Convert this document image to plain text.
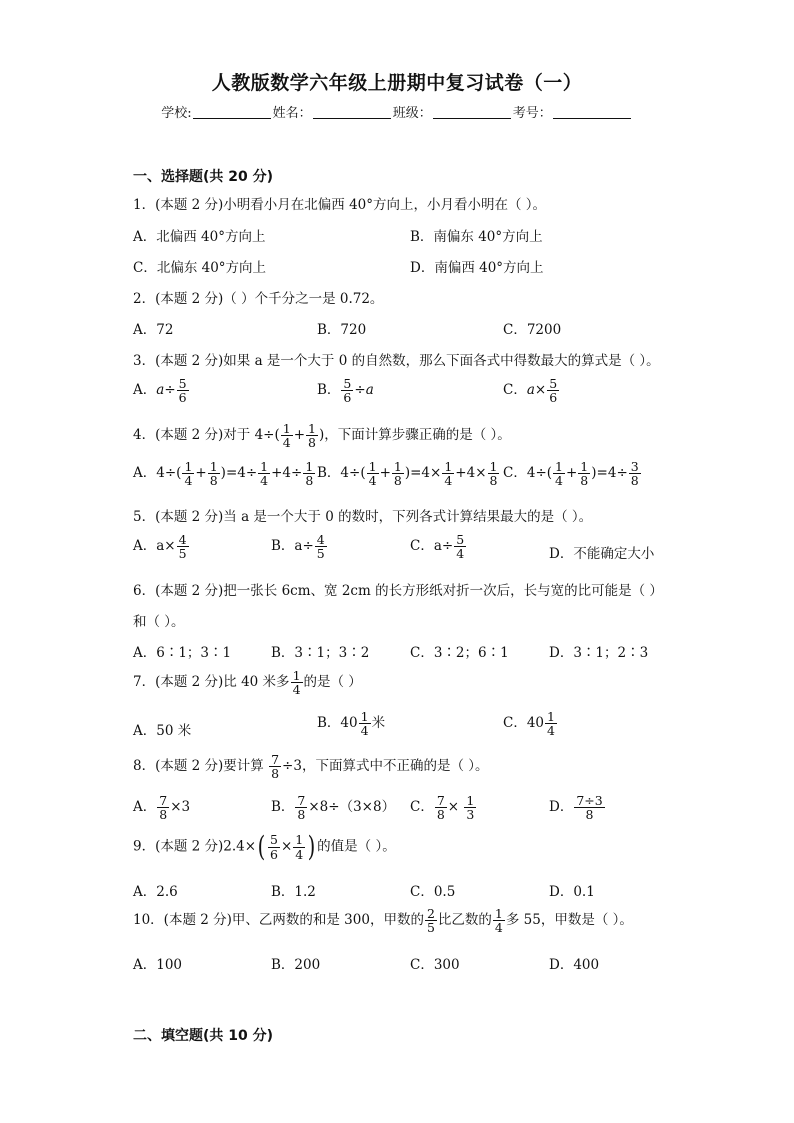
人教版数学六年级上册期中复习试卷（一）
学校:	姓名：	班级：	考号：
一、选择题(共 20 分)
1．(本题 2 分)小明看小月在北偏西 40°方向上，小月看小明在（ ）。
A．北偏西 40°方向上	B．南偏东 40°方向上
C．北偏东 40°方向上	D．南偏西 40°方向上
2．(本题 2 分)（ ）个千分之一是 0.72。
A．72	B．720	C．7200
3．(本题 2 分)如果 a 是一个大于 0 的自然数，那么下面各式中得数最大的算式是（ ）。
A．$a\div \frac{5}{6}$	B． $\frac{5}{6} \div a$	C．$a\times \frac{5}{6}$
4．(本题 2 分)对于 $4\div( \frac{1}{4} + \frac{1}{8}$ )，下面计算步骤正确的是（ ）。
A．$4\div( \frac{1}{4} + \frac{1}{8} )=4\div \frac{1}{4} +4\div \frac{1}{8}$ B．$4\div( \frac{1}{4} + \frac{1}{8} )=4\times \frac{1}{4} +4\times \frac{1}{8}$ C．$4\div( \frac{1}{4} + \frac{1}{8} )=4\div \frac{3}{8}$
5．(本题 2 分)当 a 是一个大于 0 的数时，下列各式计算结果最大的是（ ）。
A．$a\times \frac{4}{5}$	B．$a\div \frac{4}{5}$	C．$a\div \frac{5}{4}$	D．不能确定大小
6．(本题 2 分)把一张长 6cm、宽 2cm 的长方形纸对折一次后，长与宽的比可能是（ ）
和（ ）。
A．6∶1；3∶1	B．3∶1；3∶2	C．3∶2；6∶1	D．3∶1；2∶3
7．(本题 2 分)比 40 米多 $\frac{1}{4}$ 的是（ ）
A．50 米	B．$40 \frac{1}{4}$ 米	C．$40 \frac{1}{4}$
8．(本题 2 分)要计算 $\frac{7}{8} \div 3$，下面算式中不正确的是（ ）。
A． $\frac{7}{8} \times 3$	B． $\frac{7}{8} \times 8\div(3\times 8)$ C． $\frac{7}{8} \times \frac{1}{3}$	D． $\frac{7\div 3}{8}$
9．(本题 2 分)$2.4\times( \frac{5}{6} \times \frac{1}{4}$ ) 的值是（ ）。
A．2.6	B．1.2	C．0.5	D．0.1
10．(本题 2 分)甲、乙两数的和是 300，甲数的 $\frac{2}{5}$ 比乙数的 $\frac{1}{4}$ 多 55，甲数是（ ）。
A．100	B．200	C．300	D．400
二、填空题(共 10 分)
